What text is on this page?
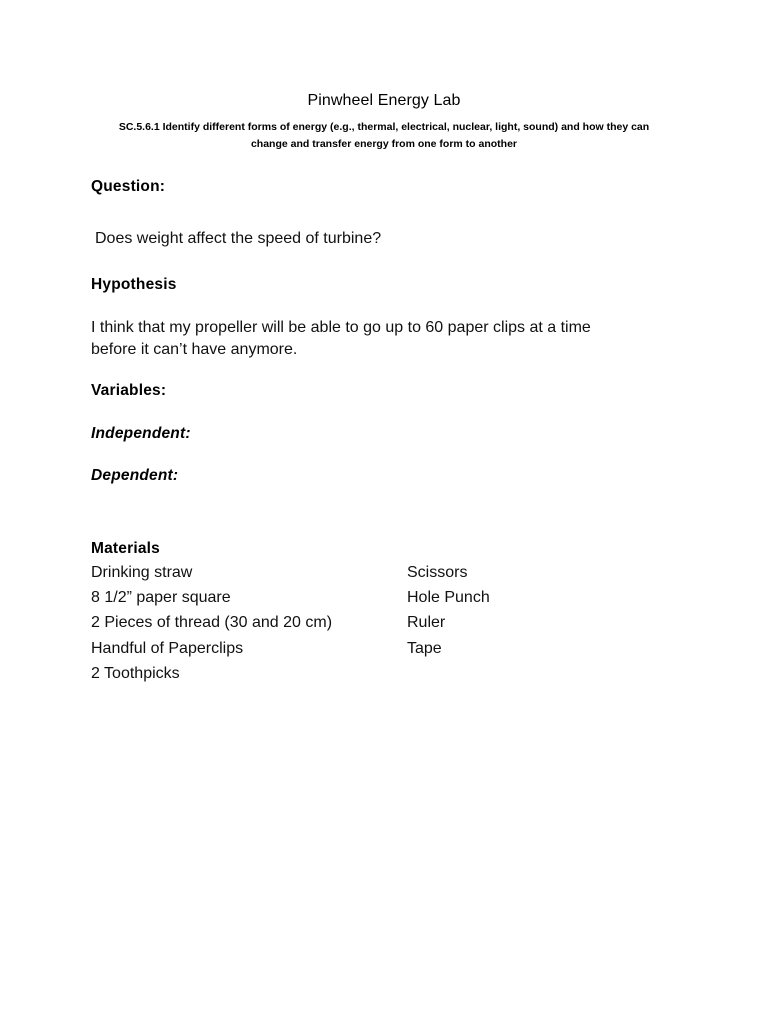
Pinwheel Energy Lab
SC.5.6.1 Identify different forms of energy (e.g., thermal, electrical, nuclear, light, sound) and how they can
change and transfer energy from one form to another
Question:
Does weight affect the speed of turbine?
Hypothesis
I think that my propeller will be able to go up to 60 paper clips at a time
before it can’t have anymore.
Variables:
Independent:
Dependent:
Materials
Drinking straw	Scissors
8 1/2” paper square	Hole Punch
2 Pieces of thread (30 and 20 cm)	Ruler
Handful of Paperclips	Tape
2 Toothpicks
